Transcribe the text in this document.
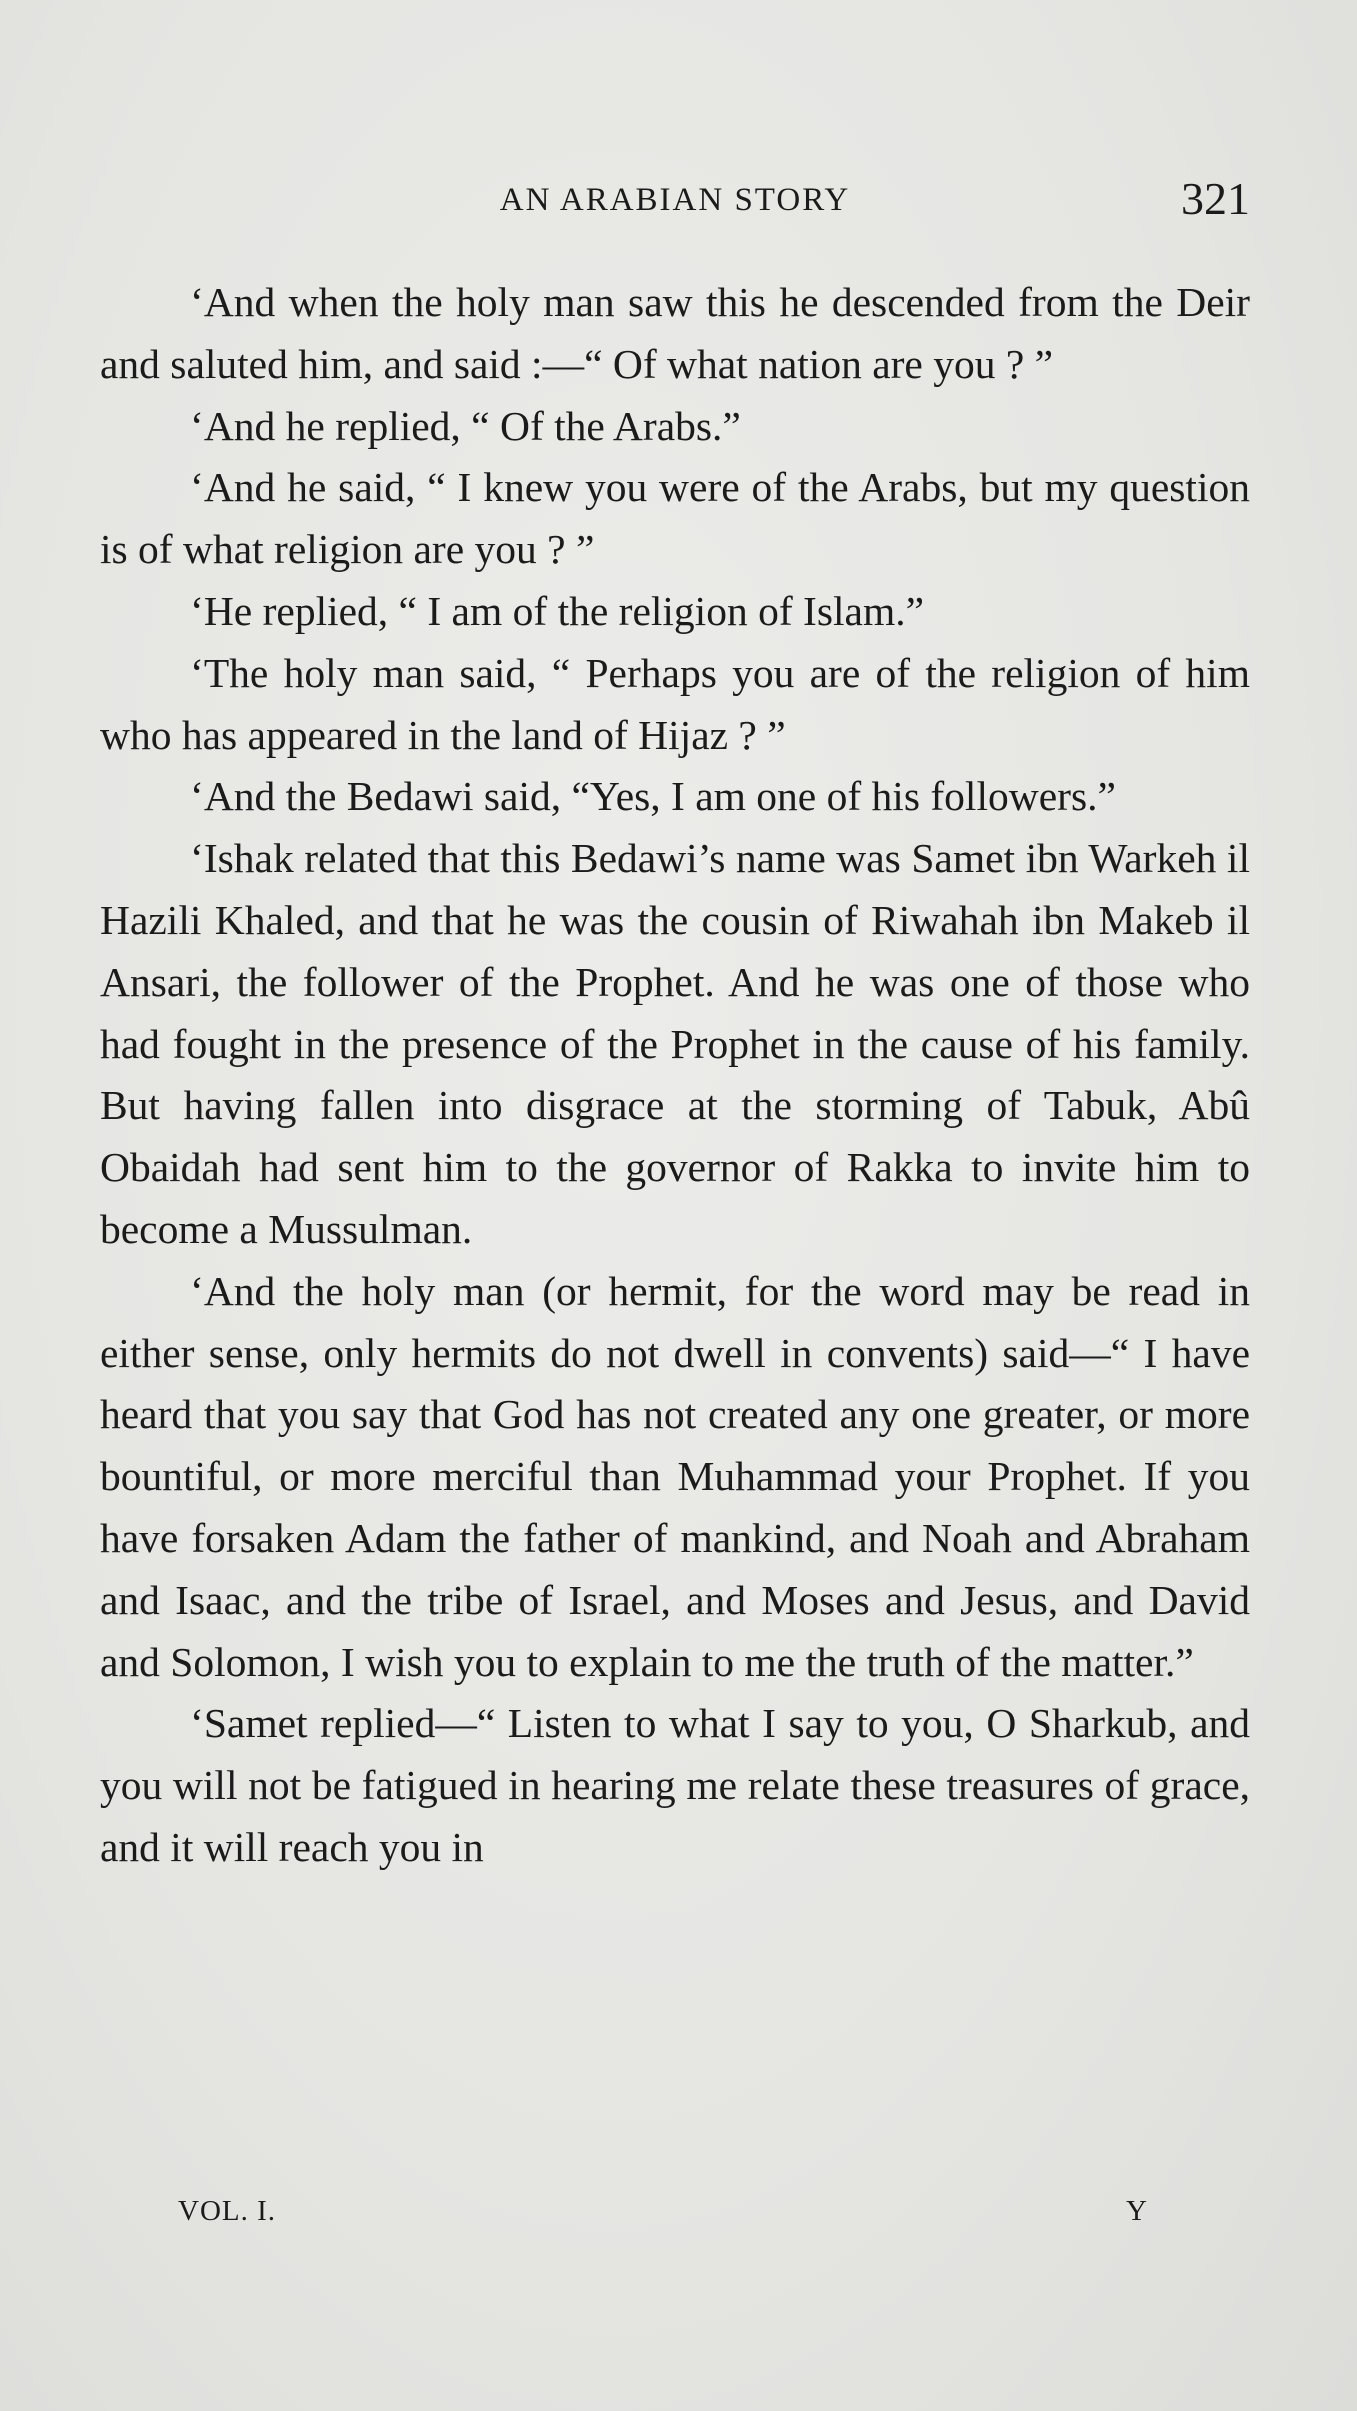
AN ARABIAN STORY	321

‘And when the holy man saw this he descended from the Deir and saluted him, and said :—“ Of what nation are you ? ”

‘And he replied, “ Of the Arabs.”

‘And he said, “ I knew you were of the Arabs, but my question is of what religion are you ? ”

‘He replied, “ I am of the religion of Islam.”

‘The holy man said, “ Perhaps you are of the religion of him who has appeared in the land of Hijaz ? ”

‘And the Bedawi said, “Yes, I am one of his followers.”

‘Ishak related that this Bedawi’s name was Samet ibn Warkeh il Hazili Khaled, and that he was the cousin of Riwahah ibn Makeb il Ansari, the follower of the Prophet. And he was one of those who had fought in the presence of the Prophet in the cause of his family. But having fallen into disgrace at the storming of Tabuk, Abû Obaidah had sent him to the governor of Rakka to invite him to become a Mussulman.

‘And the holy man (or hermit, for the word may be read in either sense, only hermits do not dwell in convents) said—“ I have heard that you say that God has not created any one greater, or more bountiful, or more merciful than Muhammad your Prophet. If you have forsaken Adam the father of mankind, and Noah and Abraham and Isaac, and the tribe of Israel, and Moses and Jesus, and David and Solomon, I wish you to explain to me the truth of the matter.”

‘Samet replied—“ Listen to what I say to you, O Sharkub, and you will not be fatigued in hearing me relate these treasures of grace, and it will reach you in

VOL. I.	Y
